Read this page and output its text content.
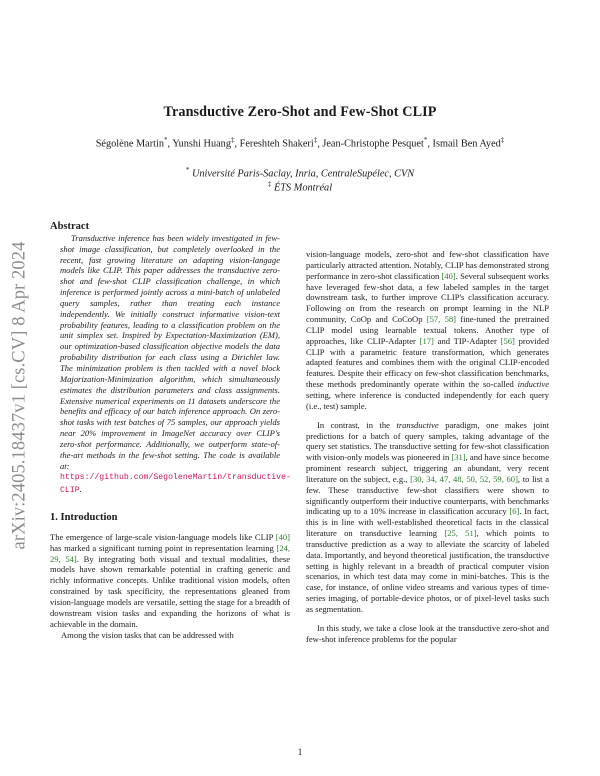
arXiv:2405.18437v1 [cs.CV] 8 Apr 2024
Transductive Zero-Shot and Few-Shot CLIP
Ségolène Martin*, Yunshi Huang‡, Fereshteh Shakeri‡, Jean-Christophe Pesquet*, Ismail Ben Ayed‡
* Université Paris-Saclay, Inria, CentraleSupélec, CVN
‡ ÉTS Montréal

Abstract

Transductive inference has been widely investigated in few-shot image classification, but completely overlooked in the recent, fast growing literature on adapting vision-langage models like CLIP. This paper addresses the transductive zero-shot and few-shot CLIP classification challenge, in which inference is performed jointly across a mini-batch of unlabeled query samples, rather than treating each instance independently. We initially construct informative vision-text probability features, leading to a classification problem on the unit simplex set. Inspired by Expectation-Maximization (EM), our optimization-based classification objective models the data probability distribution for each class using a Dirichlet law. The minimization problem is then tackled with a novel block Majorization-Minimization algorithm, which simultaneously estimates the distribution parameters and class assignments. Extensive numerical experiments on 11 datasets underscore the benefits and efficacy of our batch inference approach. On zero-shot tasks with test batches of 75 samples, our approach yields near 20% improvement in ImageNet accuracy over CLIP's zero-shot performance. Additionally, we outperform state-of-the-art methods in the few-shot setting. The code is available at: https://github.com/SegoleneMartin/transductive-CLIP.

1. Introduction

The emergence of large-scale vision-language models like CLIP [40] has marked a significant turning point in representation learning [24, 29, 54]. By integrating both visual and textual modalities, these models have shown remarkable potential in crafting generic and richly informative concepts. Unlike traditional vision models, often constrained by task specificity, the representations gleaned from vision-language models are versatile, setting the stage for a breadth of downstream vision tasks and expanding the horizons of what is achievable in the domain.

Among the vision tasks that can be addressed with

vision-language models, zero-shot and few-shot classification have particularly attracted attention. Notably, CLIP has demonstrated strong performance in zero-shot classification [40]. Several subsequent works have leveraged few-shot data, a few labeled samples in the target downstream task, to further improve CLIP's classification accuracy. Following on from the research on prompt learning in the NLP community, CoOp and CoCoOp [57, 58] fine-tuned the pretrained CLIP model using learnable textual tokens. Another type of approaches, like CLIP-Adapter [17] and TIP-Adapter [56] provided CLIP with a parametric feature transformation, which generates adapted features and combines them with the original CLIP-encoded features. Despite their efficacy on few-shot classification benchmarks, these methods predominantly operate within the so-called inductive setting, where inference is conducted independently for each query (i.e., test) sample.

In contrast, in the transductive paradigm, one makes joint predictions for a batch of query samples, taking advantage of the query set statistics. The transductive setting for few-shot classification with vision-only models was pioneered in [31], and have since become prominent research subject, triggering an abundant, very recent literature on the subject, e.g., [30, 34, 47, 48, 50, 52, 59, 60], to list a few. These transductive few-shot classifiers were shown to significantly outperform their inductive counterparts, with benchmarks indicating up to a 10% increase in classification accuracy [6]. In fact, this is in line with well-established theoretical facts in the classical literature on transductive learning [25, 51], which points to transductive prediction as a way to alleviate the scarcity of labeled data. Importantly, and beyond theoretical justification, the transductive setting is highly relevant in a breadth of practical computer vision scenarios, in which test data may come in mini-batches. This is the case, for instance, of online video streams and various types of time-series imaging, of portable-device photos, or of pixel-level tasks such as segmentation.

In this study, we take a close look at the transductive zero-shot and few-shot inference problems for the popular

1
